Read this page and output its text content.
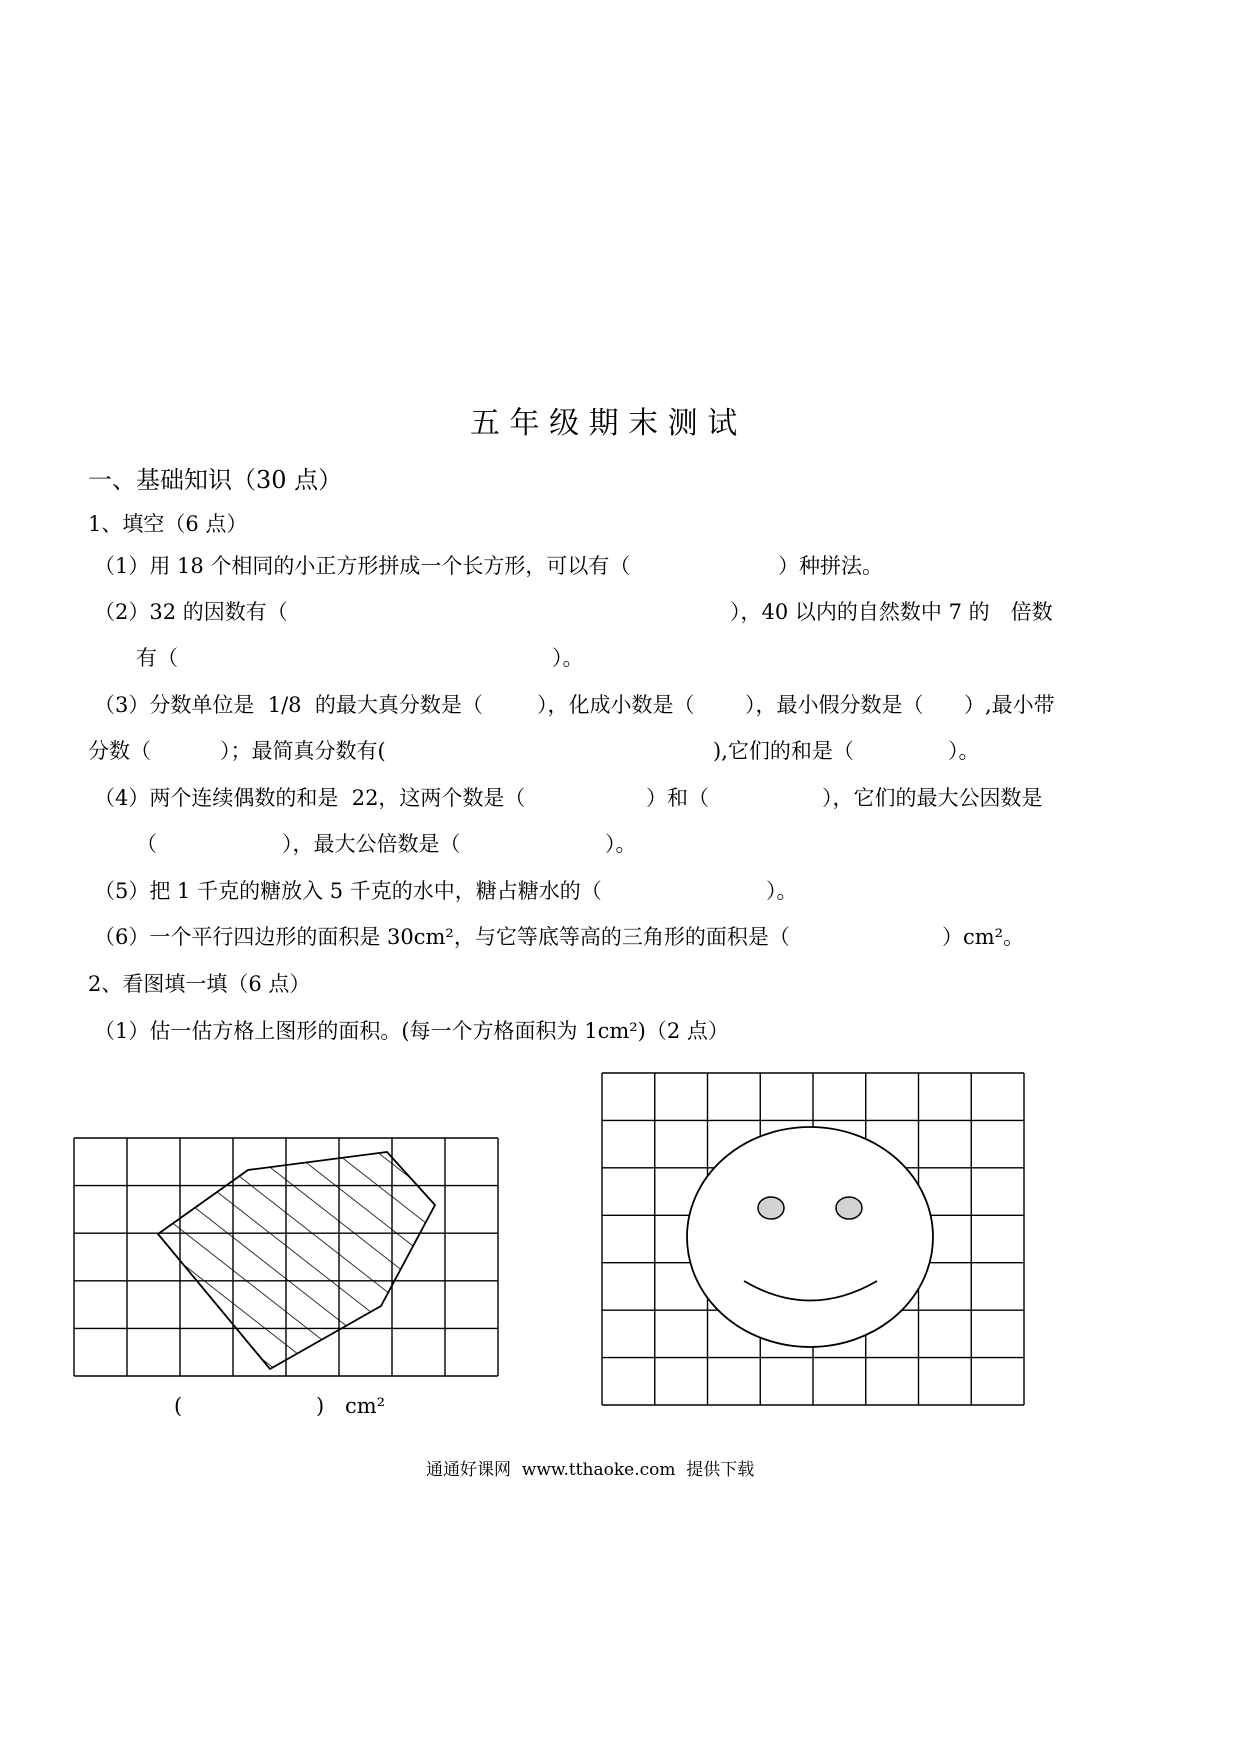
五 年 级 期 末 测 试
一、基础知识（30 点）
1、填空（6 点）
（1）用 18 个相同的小正方形拼成一个长方形，可以有（	）种拼法。
（2）32 的因数有（	），40 以内的自然数中 7 的　倍数
有（	）。
（3）分数单位是  1/8  的最大真分数是（	），化成小数是（ ），最小假分数是（ ）,最小带
分数（	）；最简真分数有(	),它们的和是（	）。
（4）两个连续偶数的和是  22，这两个数是（	）和（	），它们的最大公因数是
（	），最大公倍数是（	）。
（5）把 1 千克的糖放入 5 千克的水中，糖占糖水的（	）。
（6）一个平行四边形的面积是 30cm²，与它等底等高的三角形的面积是（	）cm²。
2、看图填一填（6 点）
（1）估一估方格上图形的面积。(每一个方格面积为 1cm²)（2 点）
(	) cm²
通通好课网  www.tthaoke.com  提供下载
